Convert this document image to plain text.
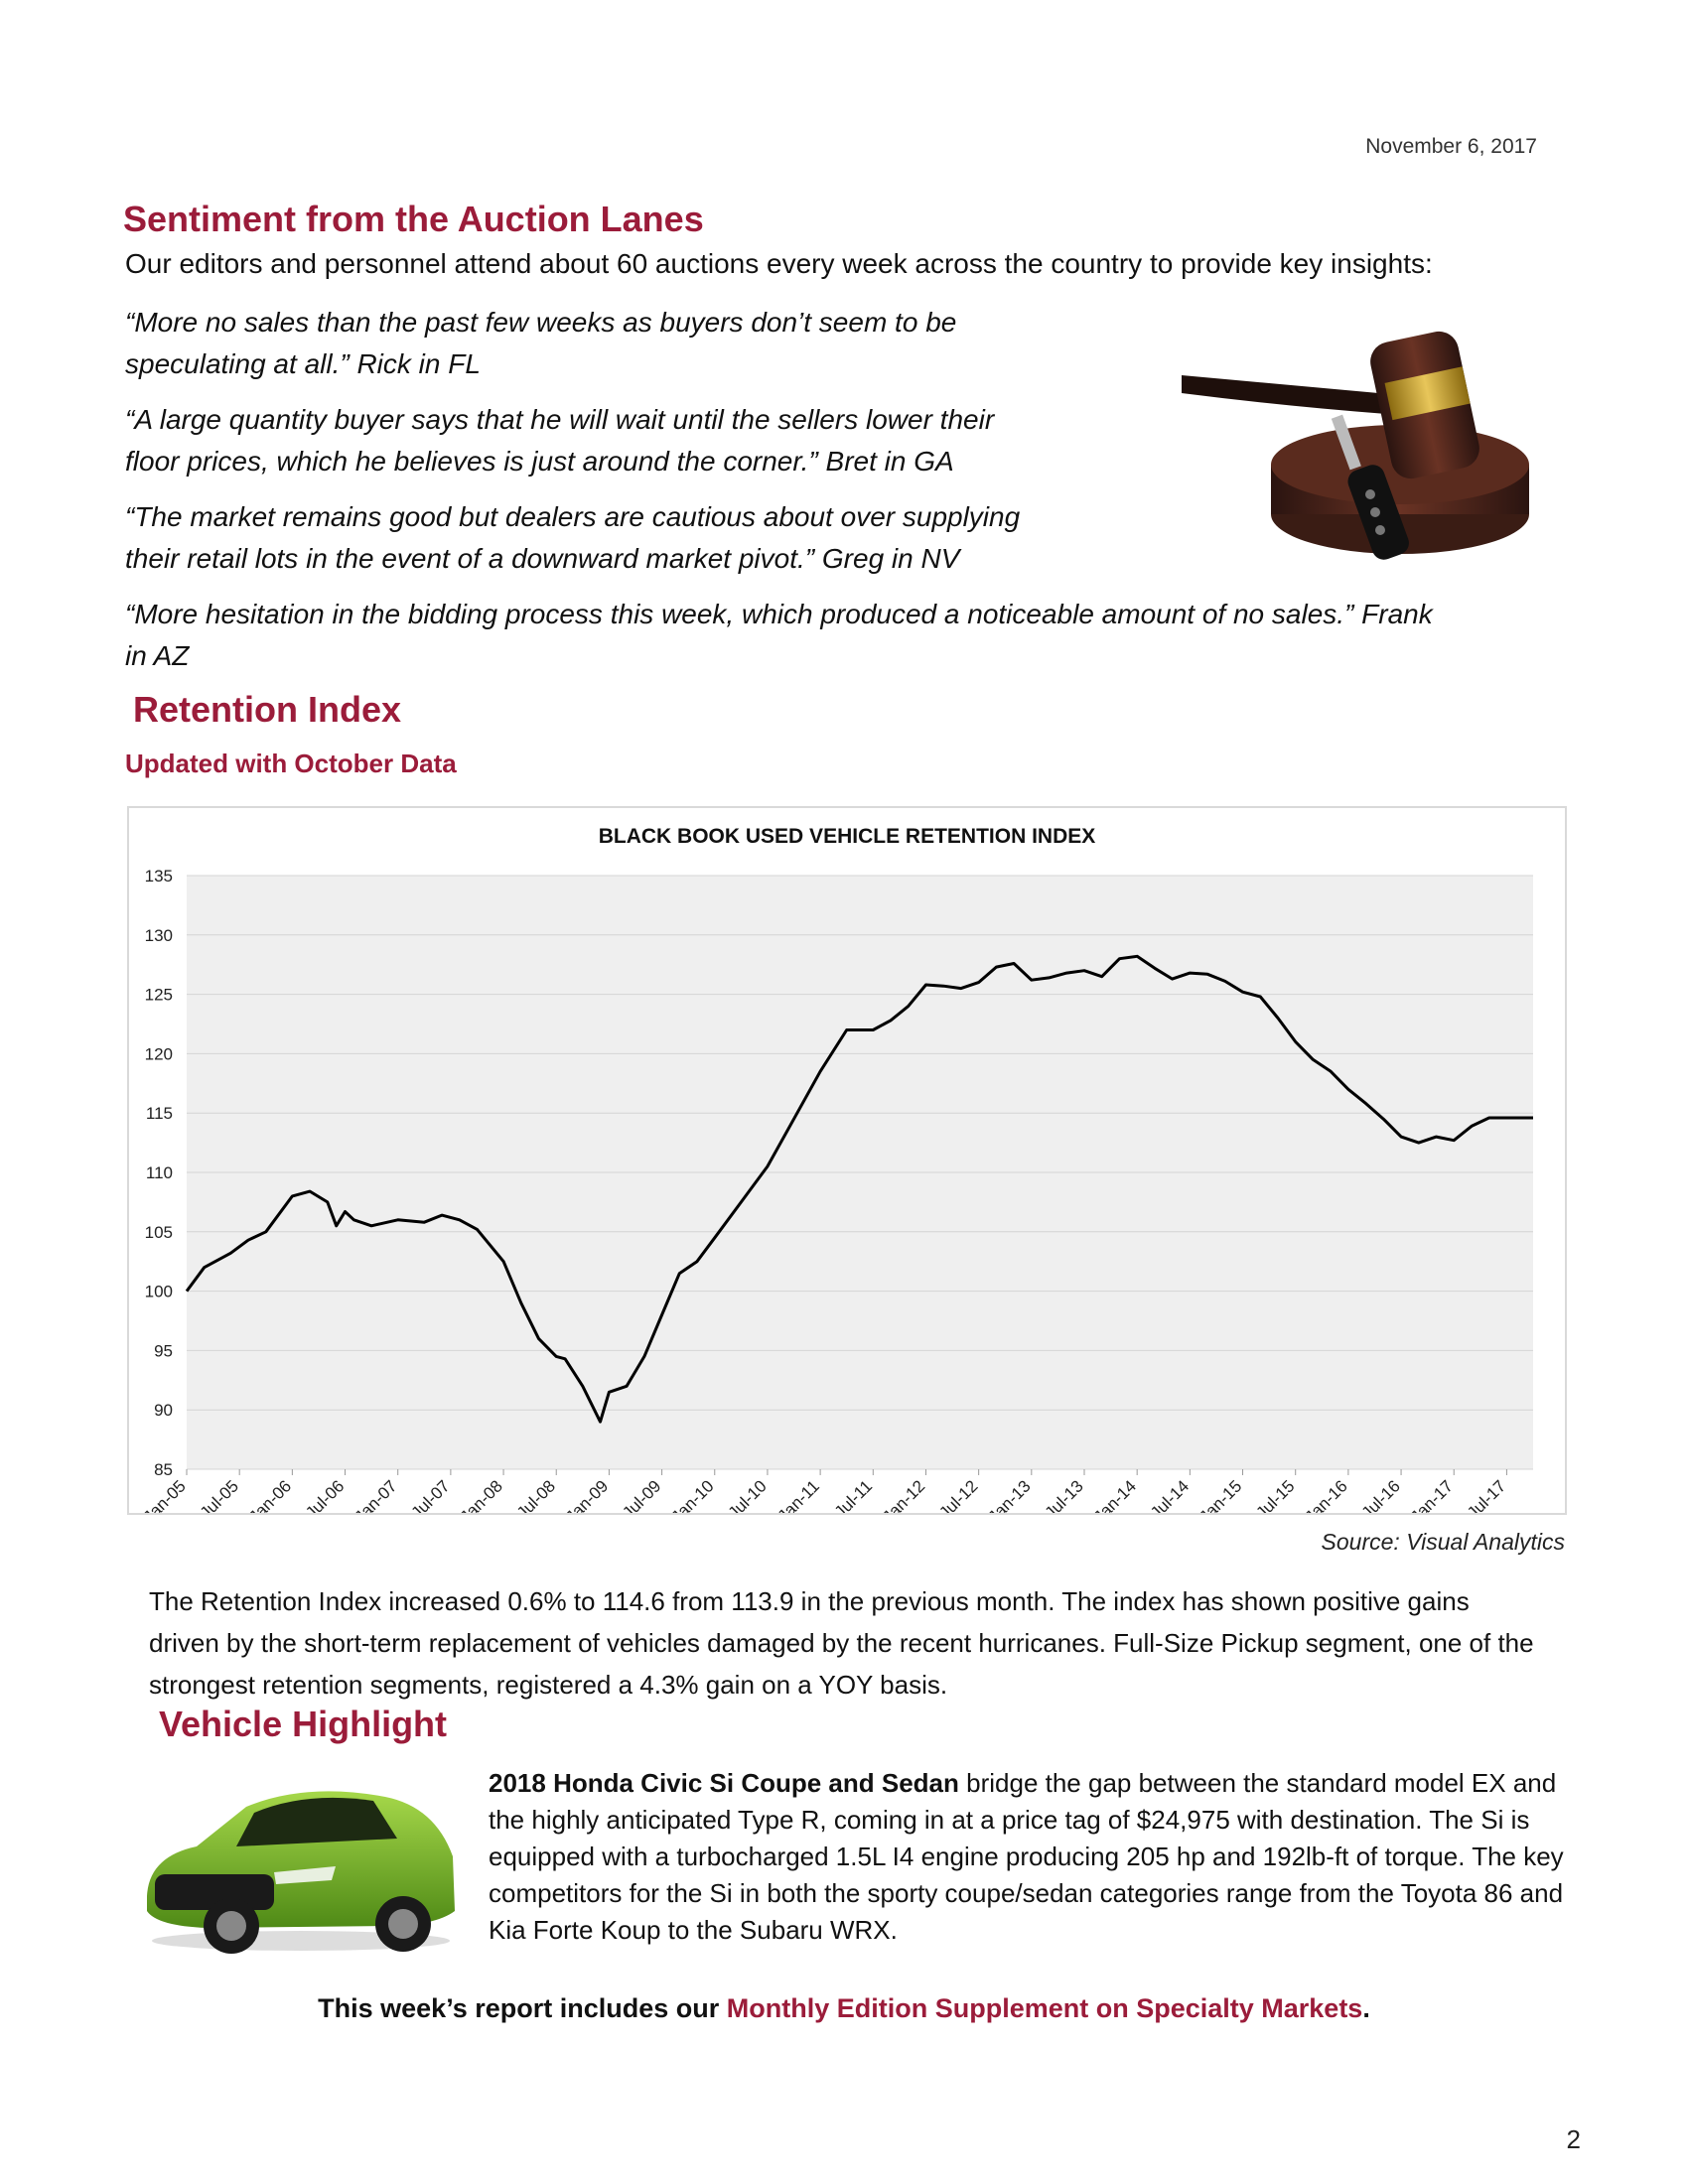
November 6, 2017
Sentiment from the Auction Lanes
Our editors and personnel attend about 60 auctions every week across the country to provide key insights:
“More no sales than the past few weeks as buyers don’t seem to be
speculating at all.” Rick in FL
“A large quantity buyer says that he will wait until the sellers lower their
floor prices, which he believes is just around the corner.” Bret in GA
“The market remains good but dealers are cautious about over supplying
their retail lots in the event of a downward market pivot.” Greg in NV
“More hesitation in the bidding process this week, which produced a noticeable amount of no sales.” Frank
in AZ
Retention Index
Updated with October Data
BLACK BOOK USED VEHICLE RETENTION INDEX
85
90
95
100
105
110
115
120
125
130
135
Jan-05 Jul-05 Jan-06 Jul-06 Jan-07 Jul-07 Jan-08 Jul-08 Jan-09 Jul-09 Jan-10 Jul-10 Jan-11 Jul-11 Jan-12 Jul-12 Jan-13 Jul-13 Jan-14 Jul-14 Jan-15 Jul-15 Jan-16 Jul-16 Jan-17 Jul-17
Source: Visual Analytics
The Retention Index increased 0.6% to 114.6 from 113.9 in the previous month. The index has shown positive gains driven by the short-term replacement of vehicles damaged by the recent hurricanes. Full-Size Pickup segment, one of the strongest retention segments, registered a 4.3% gain on a YOY basis.
Vehicle Highlight
2018 Honda Civic Si Coupe and Sedan bridge the gap between the standard model EX and the highly anticipated Type R, coming in at a price tag of $24,975 with destination. The Si is equipped with a turbocharged 1.5L I4 engine producing 205 hp and 192lb-ft of torque. The key competitors for the Si in both the sporty coupe/sedan categories range from the Toyota 86 and Kia Forte Koup to the Subaru WRX.
This week’s report includes our Monthly Edition Supplement on Specialty Markets.
2
